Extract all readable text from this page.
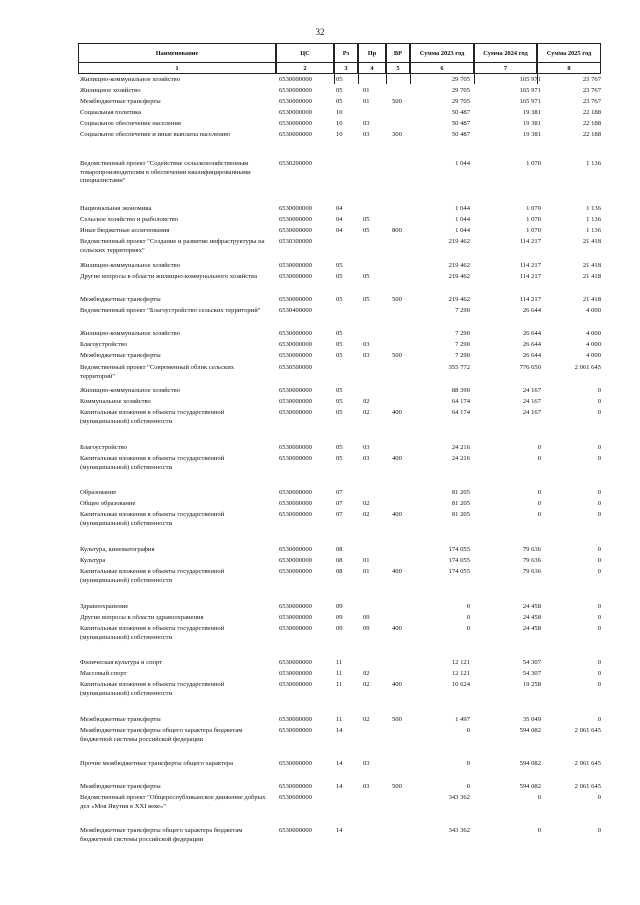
32
Наименование	ЦС	Рз	Пр	ВР	Сумма 2023 год	Сумма 2024 год	Сумма 2025 год
1	2	3	4	5	6	7	8
Жилищно-коммунальное хозяйство	6530000000	05	29 705	165 971	23 767
Жилищное хозяйство	6530000000	05	01	29 705	165 971	23 767
Межбюджетные трансферты	6530000000	05	01	500	29 705	165 971	23 767
Социальная политика	6530000000	10	50 487	19 381	22 188
Социальное обеспечение населения	6530000000	10	03	50 487	19 381	22 188
Социальное обеспечение и иные выплаты населению	6530000000	10	03	300	50 487	19 381	22 188
Ведомственный проект "Содействие сельскохозяйственным товаропроизводителям в обеспечении квалифицированными специалистами"
6530200000	1 044	1 070	1 136
Национальная экономика	6530000000	04	1 044	1 070	1 136
Сельское хозяйство и рыболовство	6530000000	04	05	1 044	1 070	1 136
Иные бюджетные ассигнования	6530000000	04	05	800	1 044	1 070	1 136
Ведомственный проект "Создание и развитие инфраструктуры на сельских территориях"
6530300000	219 462	114 217	21 418
Жилищно-коммунальное хозяйство	6530000000	05	219 462	114 217	21 418
Другие вопросы в области жилищно-коммунального хозяйства	6530000000	05	05	219 462	114 217	21 418
Межбюджетные трансферты	6530000000	05	05	500	219 462	114 217	21 418
Ведомственный проект "Благоустройство сельских территорий"	6530400000	7 290	26 644	4 000
Жилищно-коммунальное хозяйство	6530000000	05	7 290	26 644	4 000
Благоустройство	6530000000	05	03	7 290	26 644	4 000
Межбюджетные трансферты	6530000000	05	03	500	7 290	26 644	4 000
Ведомственный проект "Современный облик сельских территорий"
6530500000	355 772	776 650	2 061 645
Жилищно-коммунальное хозяйство	6530000000	05	88 390	24 167	0
Коммунальное хозяйство	6530000000	05	02	64 174	24 167	0
Капитальные вложения в объекты государственной (муниципальной) собственности
6530000000	05	02	400	64 174	24 167	0
Благоустройство	6530000000	05	03	24 216	0	0
Капитальные вложения в объекты государственной (муниципальной) собственности
6530000000	05	03	400	24 216	0	0
Образование	6530000000	07	81 205	0	0
Общее образование	6530000000	07	02	81 205	0	0
Капитальные вложения в объекты государственной (муниципальной) собственности
6530000000	07	02	400	81 205	0	0
Культура, кинематография	6530000000	08	174 055	79 636	0
Культура	6530000000	08	01	174 055	79 636	0
Капитальные вложения в объекты государственной (муниципальной) собственности
6530000000	08	01	400	174 055	79 636	0
Здравоохранение	6530000000	09	0	24 458	0
Другие вопросы в области здравоохранения	6530000000	09	09	0	24 458	0
Капитальные вложения в объекты государственной (муниципальной) собственности
6530000000	09	09	400	0	24 458	0
Физическая культура и спорт	6530000000	11	12 121	54 307	0
Массовый спорт	6530000000	11	02	12 121	54 307	0
Капитальные вложения в объекты государственной (муниципальной) собственности
6530000000	11	02	400	10 624	19 258	0
Межбюджетные трансферты	6530000000	11	02	500	1 497	35 049	0
Межбюджетные трансферты общего характера бюджетам бюджетной системы российской федерации
6530000000	14	0	594 082	2 061 645
Прочие межбюджетные трансферты общего характера	6530000000	14	03	0	594 082	2 061 645
Межбюджетные трансферты	6530000000	14	03	500	0	594 082	2 061 645
Ведомственный проект "Общереспубликанское движение добрых дел «Моя Якутия в XXI веке»"
6530600000	343 362	0	0
Межбюджетные трансферты общего характера бюджетам бюджетной системы российской федерации
6530000000	14	343 362	0	0
